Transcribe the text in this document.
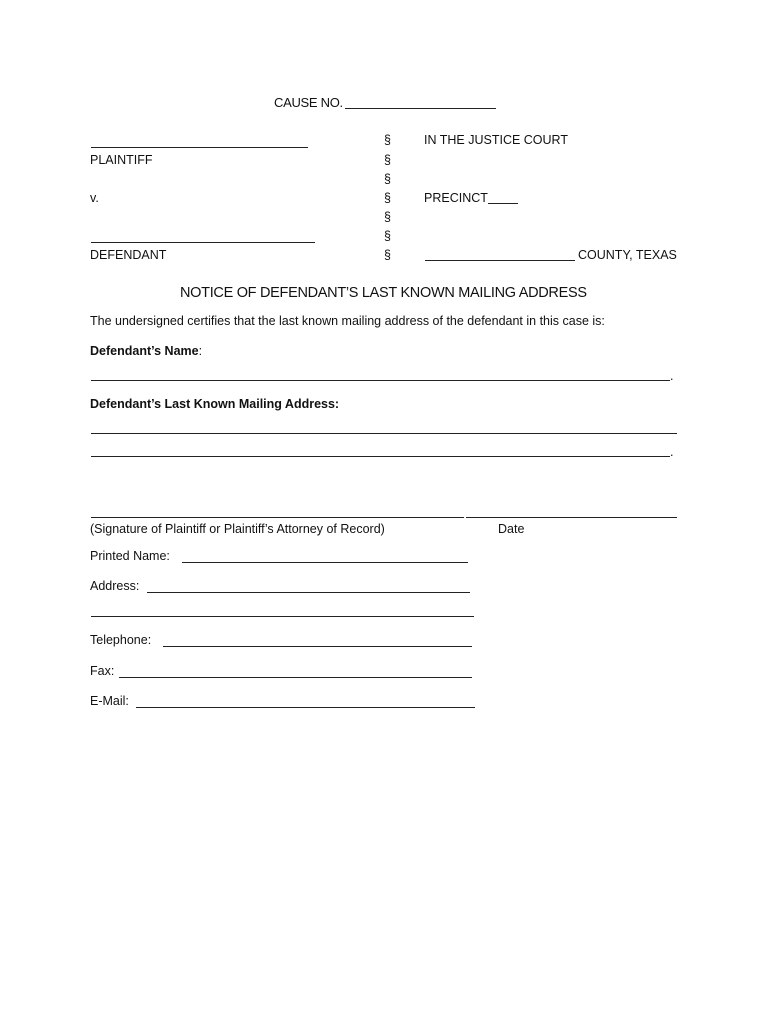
CAUSE NO.
PLAINTIFF
v.
DEFENDANT
§
§
§
§
§
§
§
IN THE JUSTICE COURT
PRECINCT
COUNTY, TEXAS
NOTICE OF DEFENDANT’S LAST KNOWN MAILING ADDRESS
The undersigned certifies that the last known mailing address of the defendant in this case is:
Defendant’s Name:
.
Defendant’s Last Known Mailing Address:
.
(Signature of Plaintiff or Plaintiff’s Attorney of Record)	Date
Printed Name:
Address:
Telephone:
Fax:
E-Mail:
